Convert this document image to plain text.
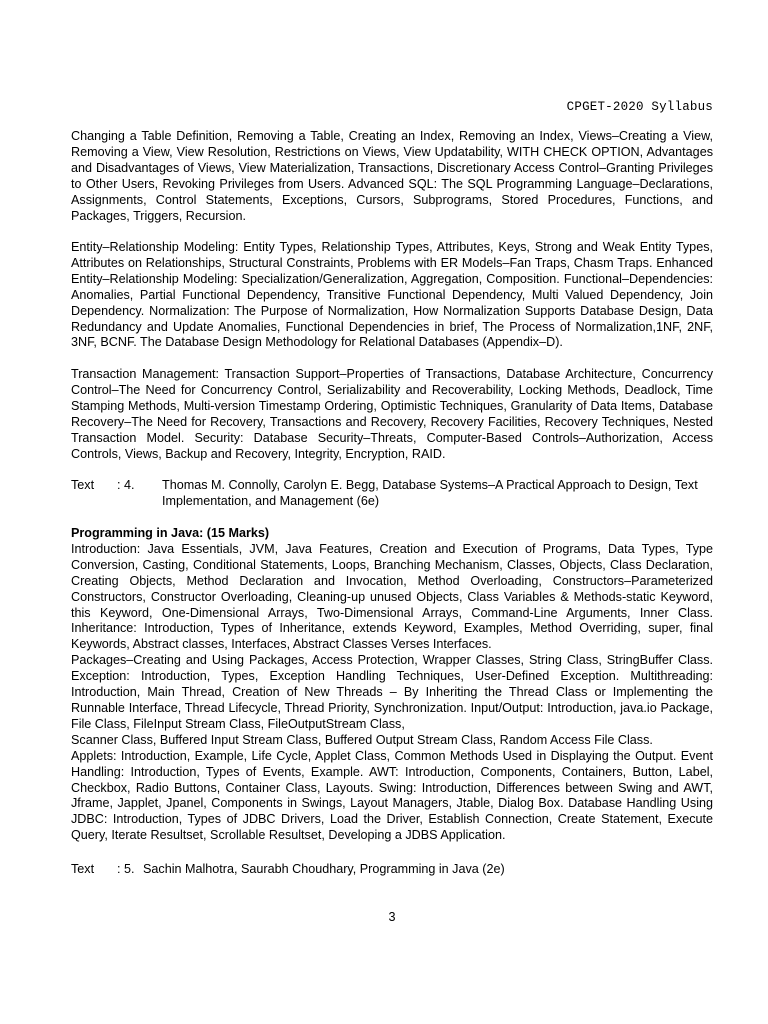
CPGET-2020 Syllabus

Changing a Table Definition, Removing a Table, Creating an Index, Removing an Index, Views–Creating a View, Removing a View, View Resolution, Restrictions on Views, View Updatability, WITH CHECK OPTION, Advantages and Disadvantages of Views, View Materialization, Transactions, Discretionary Access Control–Granting Privileges to Other Users, Revoking Privileges from Users. Advanced SQL: The SQL Programming Language–Declarations, Assignments, Control Statements, Exceptions, Cursors, Subprograms, Stored Procedures, Functions, and Packages, Triggers, Recursion.

Entity–Relationship Modeling: Entity Types, Relationship Types, Attributes, Keys, Strong and Weak Entity Types, Attributes on Relationships, Structural Constraints, Problems with ER Models–Fan Traps, Chasm Traps. Enhanced Entity–Relationship Modeling: Specialization/Generalization, Aggregation, Composition. Functional–Dependencies: Anomalies, Partial Functional Dependency, Transitive Functional Dependency, Multi Valued Dependency, Join Dependency. Normalization: The Purpose of Normalization, How Normalization Supports Database Design, Data Redundancy and Update Anomalies, Functional Dependencies in brief, The Process of Normalization,1NF, 2NF, 3NF, BCNF. The Database Design Methodology for Relational Databases (Appendix–D).

Transaction Management: Transaction Support–Properties of Transactions, Database Architecture, Concurrency Control–The Need for Concurrency Control, Serializability and Recoverability, Locking Methods, Deadlock, Time Stamping Methods, Multi-version Timestamp Ordering, Optimistic Techniques, Granularity of Data Items, Database Recovery–The Need for Recovery, Transactions and Recovery, Recovery Facilities, Recovery Techniques, Nested Transaction Model. Security: Database Security–Threats, Computer-Based Controls–Authorization, Access Controls, Views, Backup and Recovery, Integrity, Encryption, RAID.

Text : 4. Thomas M. Connolly, Carolyn E. Begg, Database Systems–A Practical Approach to Design, Text Implementation, and Management (6e)

Programming in Java: (15 Marks)

Introduction: Java Essentials, JVM, Java Features, Creation and Execution of Programs, Data Types, Type Conversion, Casting, Conditional Statements, Loops, Branching Mechanism, Classes, Objects, Class Declaration, Creating Objects, Method Declaration and Invocation, Method Overloading, Constructors–Parameterized Constructors, Constructor Overloading, Cleaning-up unused Objects, Class Variables & Methods-static Keyword, this Keyword, One-Dimensional Arrays, Two-Dimensional Arrays, Command-Line Arguments, Inner Class. Inheritance: Introduction, Types of Inheritance, extends Keyword, Examples, Method Overriding, super, final Keywords, Abstract classes, Interfaces, Abstract Classes Verses Interfaces.

Packages–Creating and Using Packages, Access Protection, Wrapper Classes, String Class, StringBuffer Class. Exception: Introduction, Types, Exception Handling Techniques, User-Defined Exception. Multithreading: Introduction, Main Thread, Creation of New Threads – By Inheriting the Thread Class or Implementing the Runnable Interface, Thread Lifecycle, Thread Priority, Synchronization. Input/Output: Introduction, java.io Package, File Class, FileInput Stream Class, FileOutputStream Class,

Scanner Class, Buffered Input Stream Class, Buffered Output Stream Class, Random Access File Class.

Applets: Introduction, Example, Life Cycle, Applet Class, Common Methods Used in Displaying the Output. Event Handling: Introduction, Types of Events, Example. AWT: Introduction, Components, Containers, Button, Label, Checkbox, Radio Buttons, Container Class, Layouts. Swing: Introduction, Differences between Swing and AWT, Jframe, Japplet, Jpanel, Components in Swings, Layout Managers, Jtable, Dialog Box. Database Handling Using JDBC: Introduction, Types of JDBC Drivers, Load the Driver, Establish Connection, Create Statement, Execute Query, Iterate Resultset, Scrollable Resultset, Developing a JDBS Application.

Text : 5. Sachin Malhotra, Saurabh Choudhary, Programming in Java (2e)
3
